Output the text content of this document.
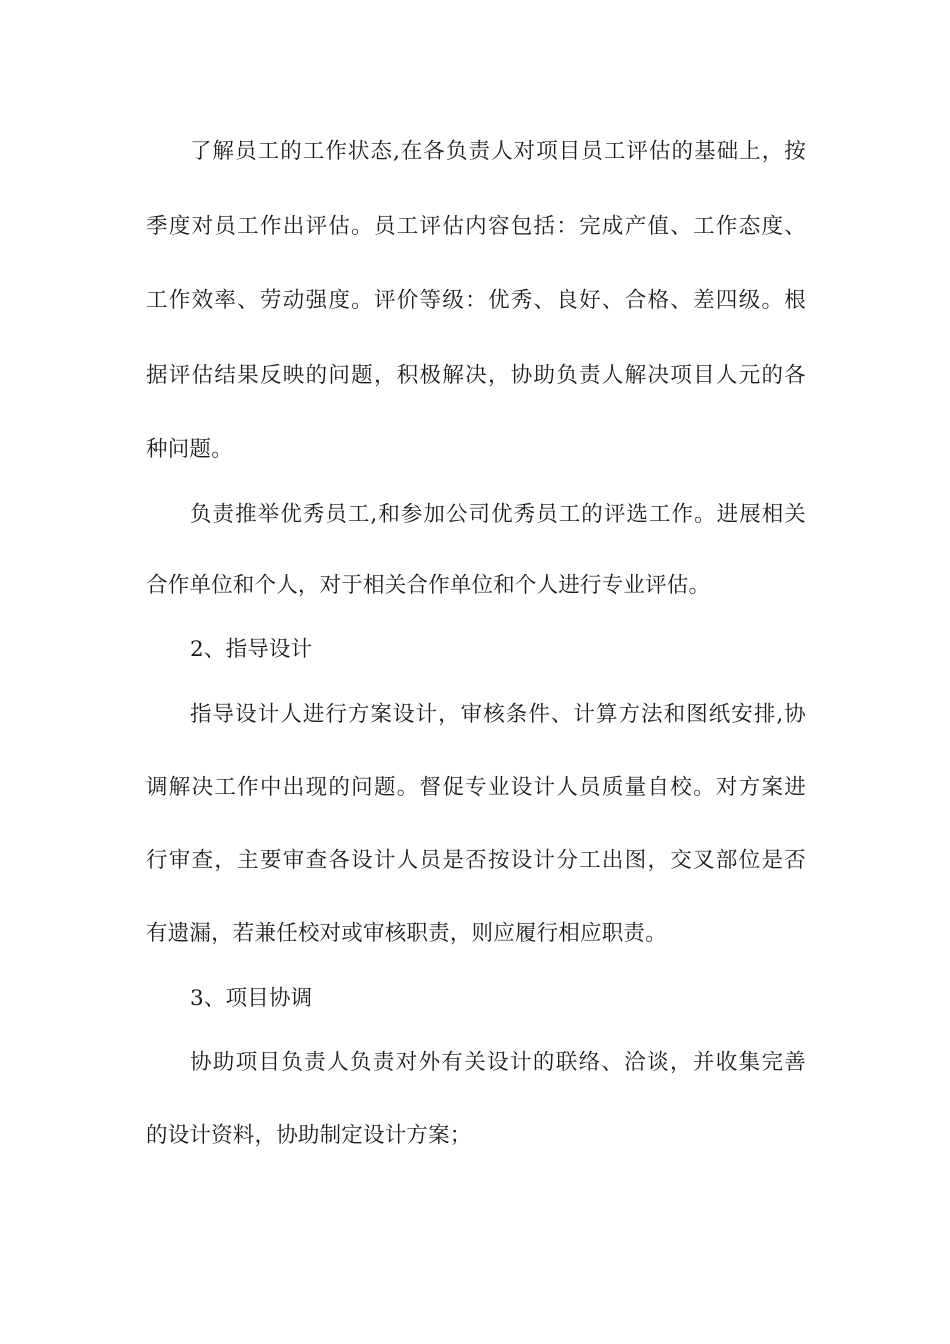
了解员工的工作状态,在各负责人对项目员工评估的基础上，按
季度对员工作出评估。员工评估内容包括：完成产值、工作态度、
工作效率、劳动强度。评价等级：优秀、良好、合格、差四级。根
据评估结果反映的问题，积极解决，协助负责人解决项目人元的各
种问题。
负责推举优秀员工,和参加公司优秀员工的评选工作。进展相关
合作单位和个人，对于相关合作单位和个人进行专业评估。
2、指导设计
指导设计人进行方案设计，审核条件、计算方法和图纸安排,协
调解决工作中出现的问题。督促专业设计人员质量自校。对方案进
行审查，主要审查各设计人员是否按设计分工出图，交叉部位是否
有遗漏，若兼任校对或审核职责，则应履行相应职责。
3、项目协调
协助项目负责人负责对外有关设计的联络、洽谈，并收集完善
的设计资料，协助制定设计方案；
